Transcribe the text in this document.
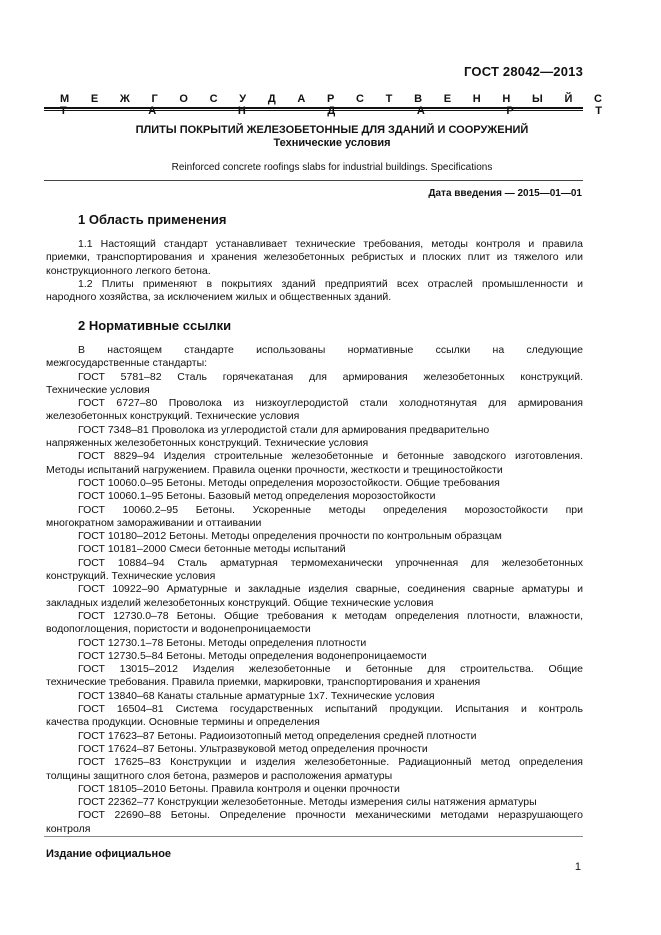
ГОСТ 28042—2013
М Е Ж Г О С У Д А Р С Т В Е Н Н Ы Й С Т А Н Д А Р Т
ПЛИТЫ ПОКРЫТИЙ ЖЕЛЕЗОБЕТОННЫЕ ДЛЯ ЗДАНИЙ И СООРУЖЕНИЙ
Технические условия
Reinforced concrete roofings slabs for industrial buildings. Specifications
Дата введения — 2015—01—01
1 Область применения
1.1 Настоящий стандарт устанавливает технические требования, методы контроля и правила
приемки, транспортирования и хранения железобетонных ребристых и плоских плит из тяжелого или
конструкционного легкого бетона.
1.2 Плиты применяют в покрытиях зданий предприятий всех отраслей промышленности и
народного хозяйства, за исключением жилых и общественных зданий.
2 Нормативные ссылки
В настоящем стандарте использованы нормативные ссылки на следующие
межгосударственные стандарты:
ГОСТ 5781–82 Сталь горячекатаная для армирования железобетонных конструкций.
Технические условия
ГОСТ 6727–80 Проволока из низкоуглеродистой стали холоднотянутая для армирования
железобетонных конструкций. Технические условия
ГОСТ 7348–81 Проволока из углеродистой стали для армирования предварительно
напряженных железобетонных конструкций. Технические условия
ГОСТ 8829–94 Изделия строительные железобетонные и бетонные заводского изготовления.
Методы испытаний нагружением. Правила оценки прочности, жесткости и трещиностойкости
ГОСТ 10060.0–95 Бетоны. Методы определения морозостойкости. Общие требования
ГОСТ 10060.1–95 Бетоны. Базовый метод определения морозостойкости
ГОСТ 10060.2–95 Бетоны. Ускоренные методы определения морозостойкости при
многократном замораживании и оттаивании
ГОСТ 10180–2012 Бетоны. Методы определения прочности по контрольным образцам
ГОСТ 10181–2000 Смеси бетонные методы испытаний
ГОСТ 10884–94 Сталь арматурная термомеханически упрочненная для железобетонных
конструкций. Технические условия
ГОСТ 10922–90 Арматурные и закладные изделия сварные, соединения сварные арматуры и
закладных изделий железобетонных конструкций. Общие технические условия
ГОСТ 12730.0–78 Бетоны. Общие требования к методам определения плотности, влажности,
водопоглощения, пористости и водонепроницаемости
ГОСТ 12730.1–78 Бетоны. Методы определения плотности
ГОСТ 12730.5–84 Бетоны. Методы определения водонепроницаемости
ГОСТ 13015–2012 Изделия железобетонные и бетонные для строительства. Общие
технические требования. Правила приемки, маркировки, транспортирования и хранения
ГОСТ 13840–68 Канаты стальные арматурные 1х7. Технические условия
ГОСТ 16504–81 Система государственных испытаний продукции. Испытания и контроль
качества продукции. Основные термины и определения
ГОСТ 17623–87 Бетоны. Радиоизотопный метод определения средней плотности
ГОСТ 17624–87 Бетоны. Ультразвуковой метод определения прочности
ГОСТ 17625–83 Конструкции и изделия железобетонные. Радиационный метод определения
толщины защитного слоя бетона, размеров и расположения арматуры
ГОСТ 18105–2010 Бетоны. Правила контроля и оценки прочности
ГОСТ 22362–77 Конструкции железобетонные. Методы измерения силы натяжения арматуры
ГОСТ 22690–88 Бетоны. Определение прочности механическими методами неразрушающего
контроля
Издание официальное
1
